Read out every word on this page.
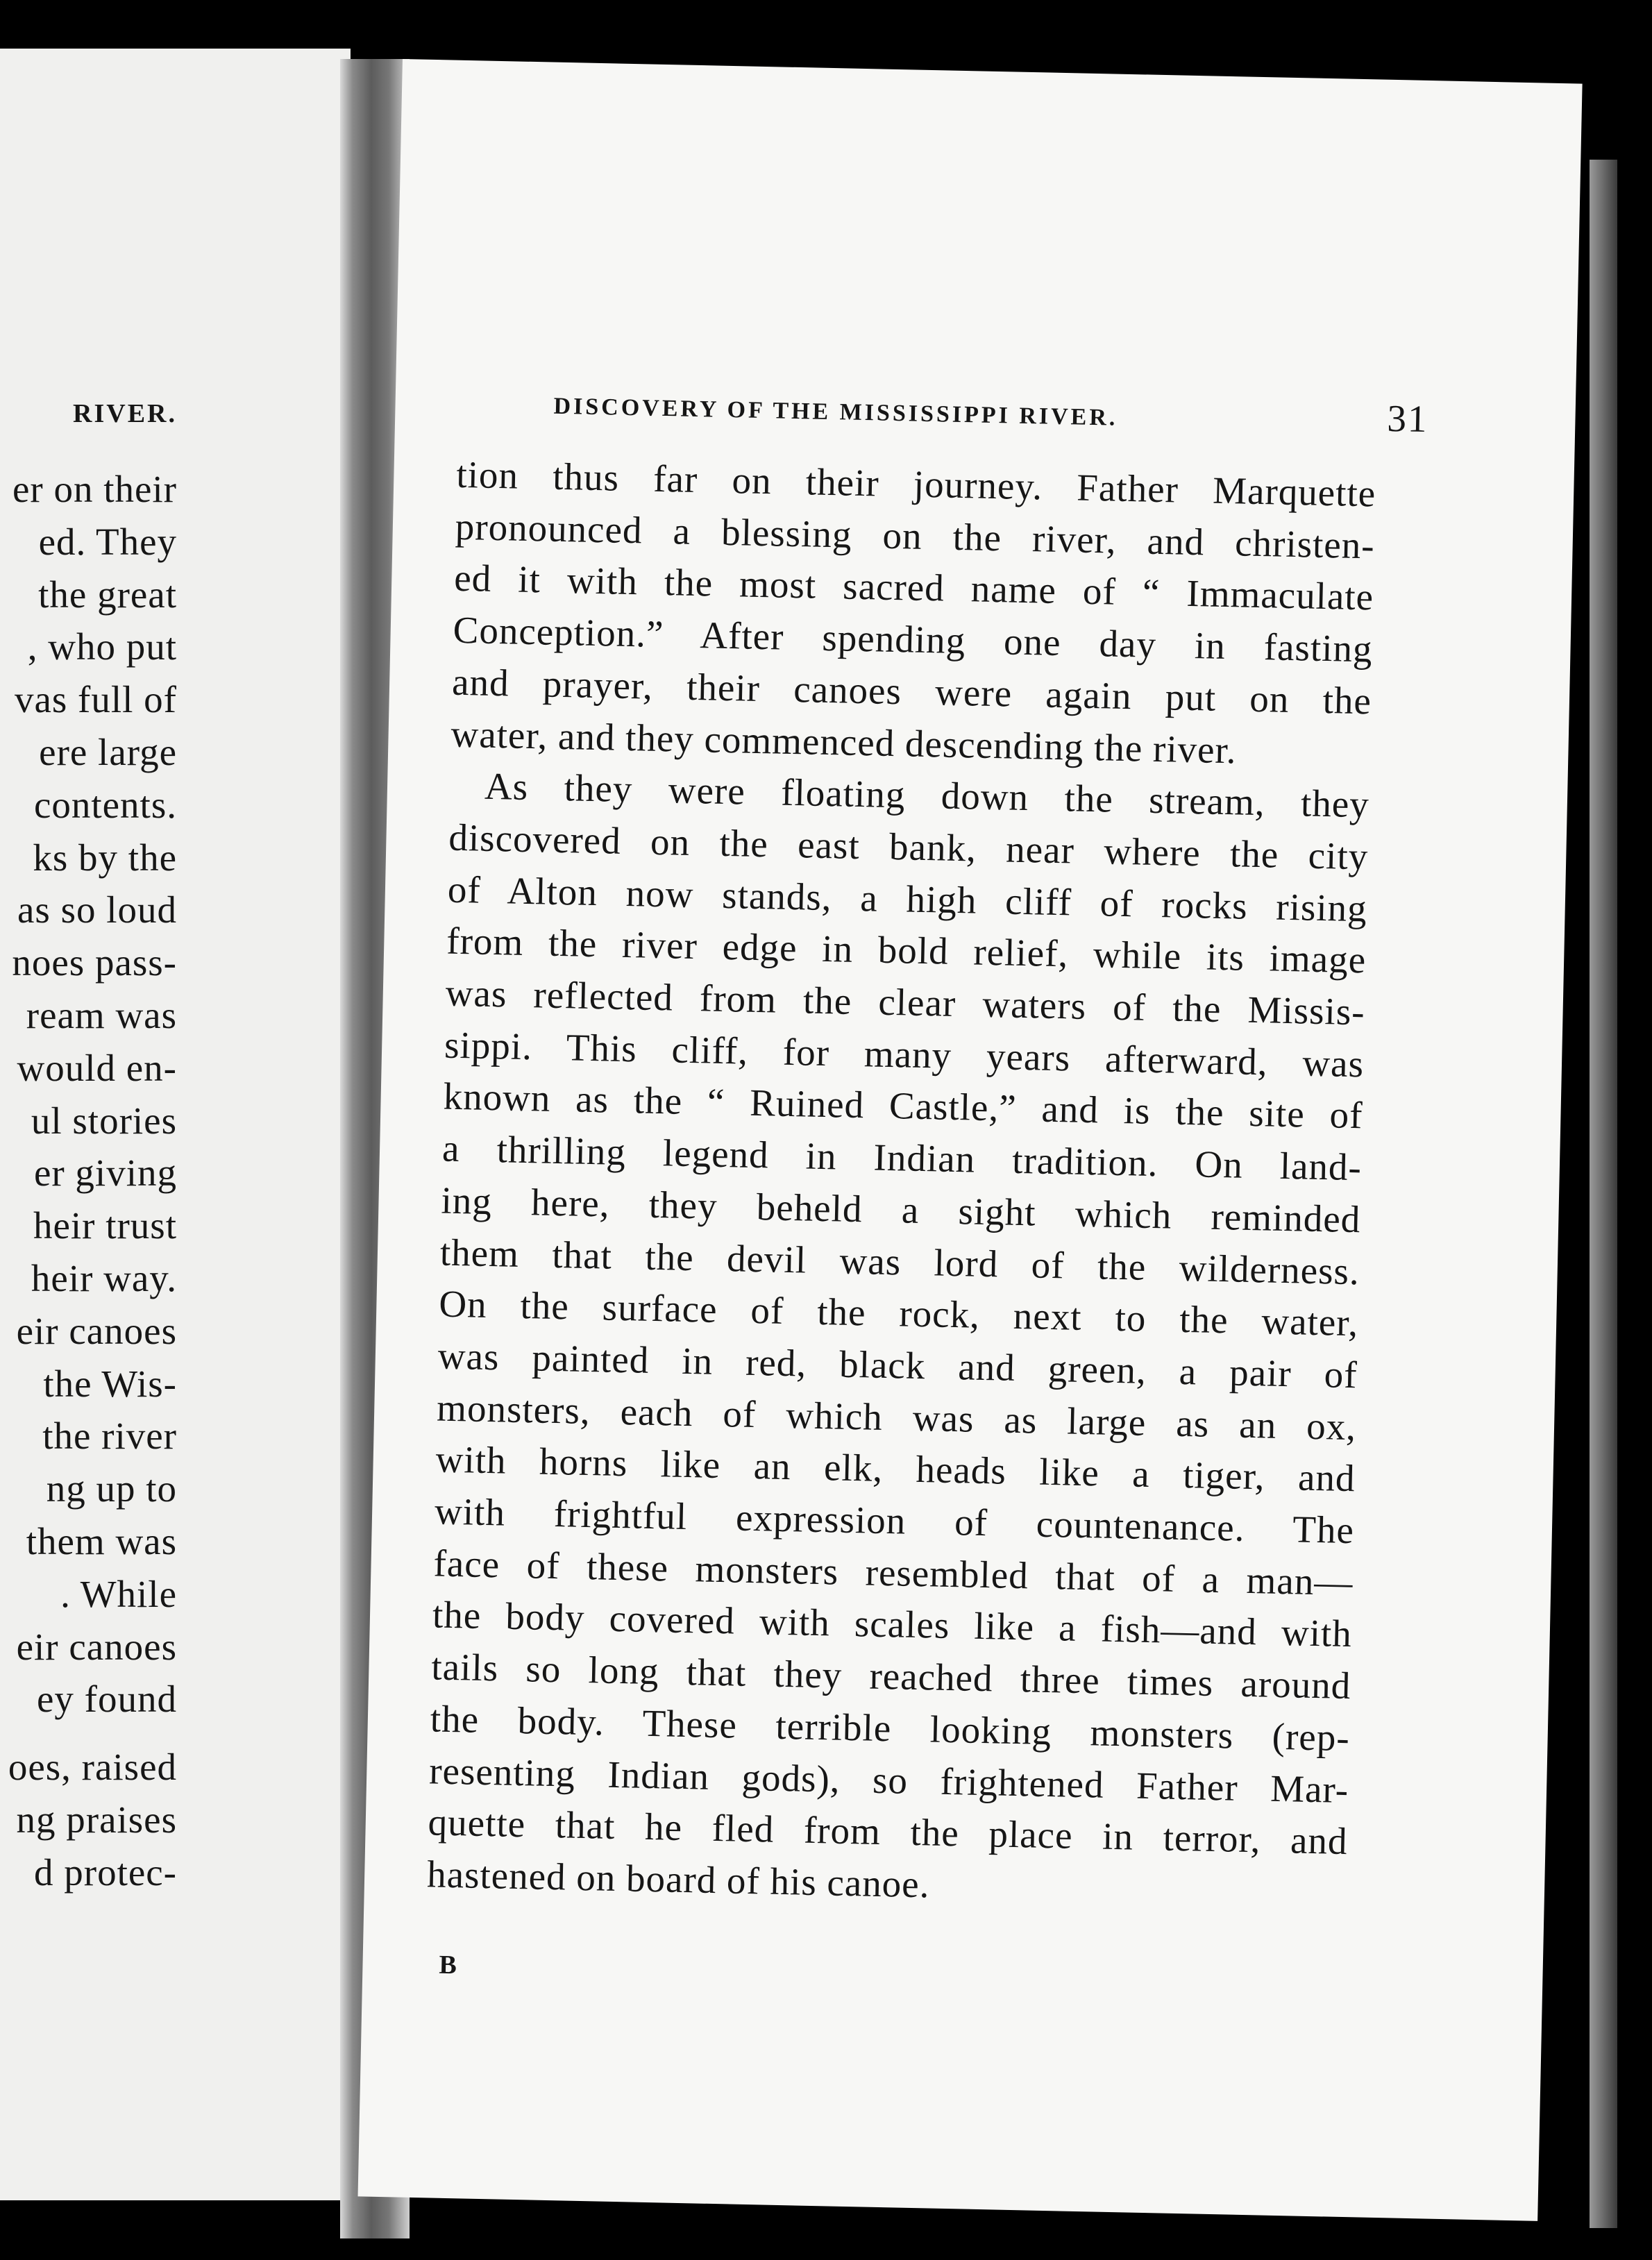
RIVER.
er on their
ed. They
the great
, who put
vas full of
ere large
contents.
ks by the
as so loud
noes pass-
ream was
would en-
ul stories
er giving
heir trust
heir way.
eir canoes
the Wis-
the river
ng up to
them was
. While
eir canoes
ey found
oes, raised
ng praises
d protec-
DISCOVERY OF THE MISSISSIPPI RIVER.	31
tion thus far on their journey. Father Marquette
pronounced a blessing on the river, and christen-
ed it with the most sacred name of “ Immaculate
Conception.” After spending one day in fasting
and prayer, their canoes were again put on the
water, and they commenced descending the river.
As they were floating down the stream, they
discovered on the east bank, near where the city
of Alton now stands, a high cliff of rocks rising
from the river edge in bold relief, while its image
was reflected from the clear waters of the Missis-
sippi. This cliff, for many years afterward, was
known as the “ Ruined Castle,” and is the site of
a thrilling legend in Indian tradition. On land-
ing here, they beheld a sight which reminded
them that the devil was lord of the wilderness.
On the surface of the rock, next to the water,
was painted in red, black and green, a pair of
monsters, each of which was as large as an ox,
with horns like an elk, heads like a tiger, and
with frightful expression of countenance. The
face of these monsters resembled that of a man—
the body covered with scales like a fish—and with
tails so long that they reached three times around
the body. These terrible looking monsters (rep-
resenting Indian gods), so frightened Father Mar-
quette that he fled from the place in terror, and
hastened on board of his canoe.
B
